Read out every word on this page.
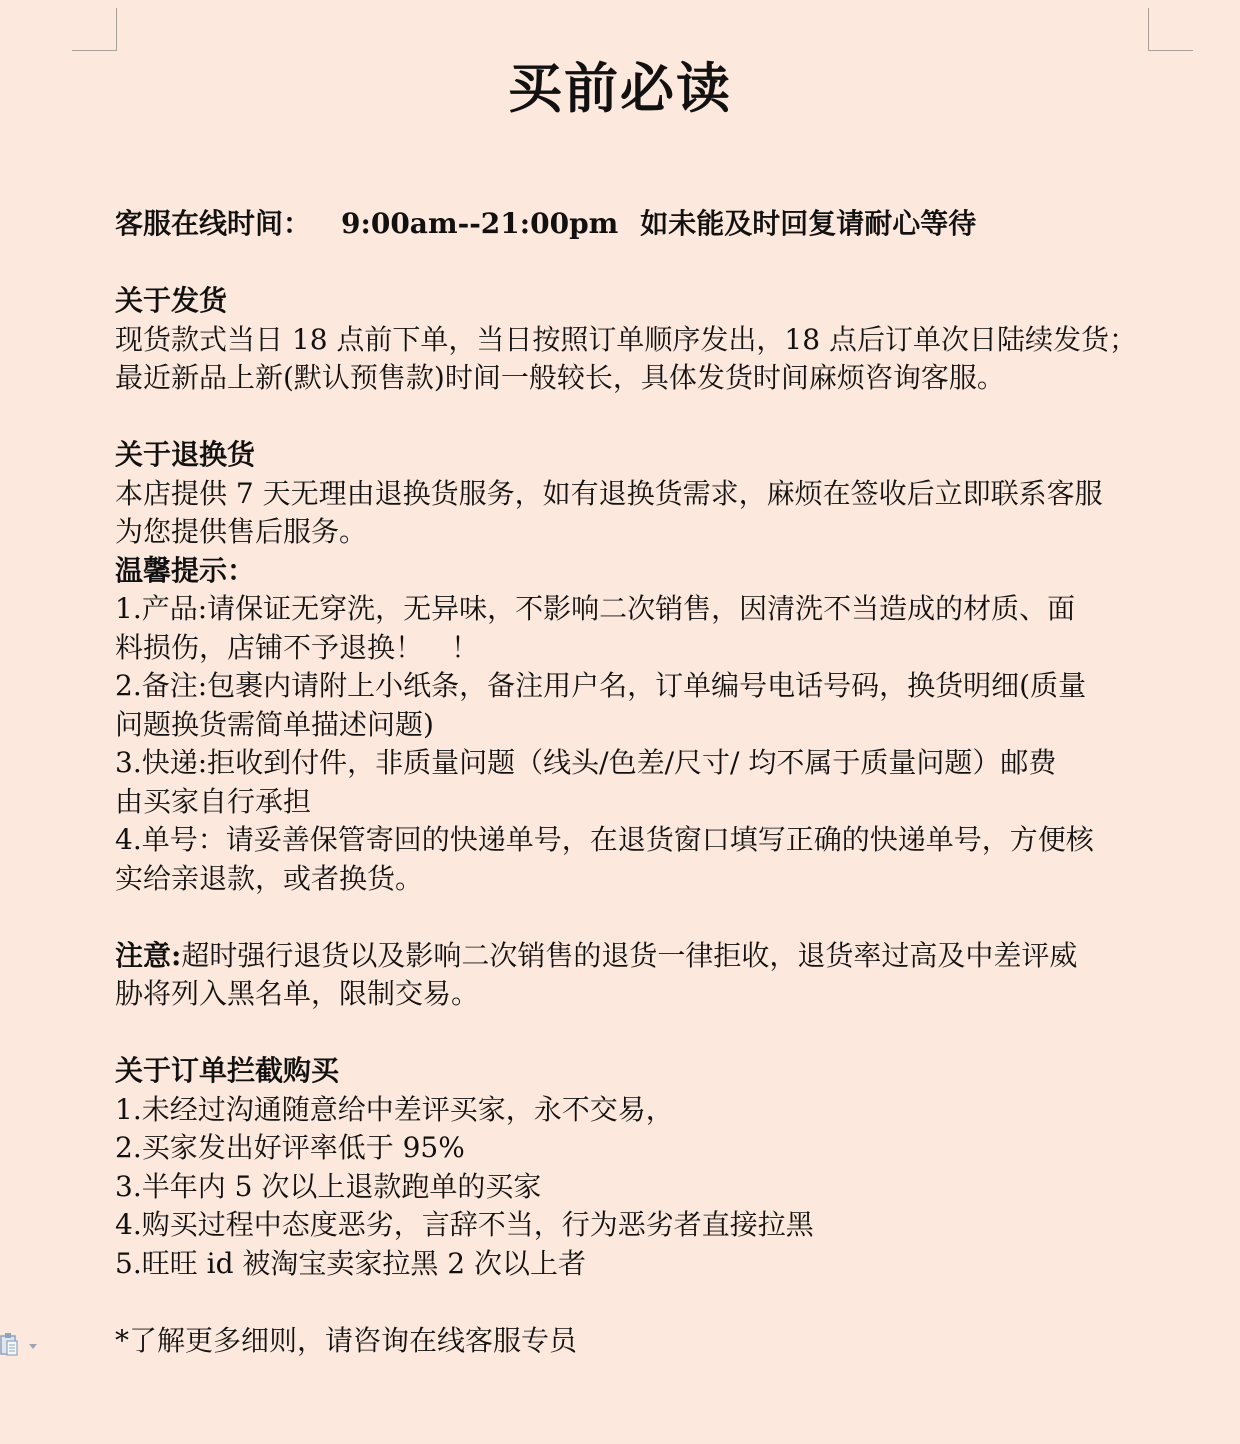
买前必读
客服在线时间： 9:00am--21:00pm 如未能及时回复请耐心等待
关于发货
现货款式当日 18 点前下单，当日按照订单顺序发出，18 点后订单次日陆续发货；
最近新品上新(默认预售款)时间一般较长，具体发货时间麻烦咨询客服。
关于退换货
本店提供 7 天无理由退换货服务，如有退换货需求，麻烦在签收后立即联系客服
为您提供售后服务。
温馨提示：
1.产品:请保证无穿洗，无异味，不影响二次销售，因清洗不当造成的材质、面
料损伤，店铺不予退换！　！
2.备注:包裹内请附上小纸条，备注用户名，订单编号电话号码，换货明细(质量
问题换货需简单描述问题)
3.快递:拒收到付件，非质量问题（线头/色差/尺寸/ 均不属于质量问题）邮费
由买家自行承担
4.单号：请妥善保管寄回的快递单号，在退货窗口填写正确的快递单号，方便核
实给亲退款，或者换货。
注意:超时强行退货以及影响二次销售的退货一律拒收，退货率过高及中差评威
胁将列入黑名单，限制交易。
关于订单拦截购买
1.未经过沟通随意给中差评买家，永不交易，
2.买家发出好评率低于 95%
3.半年内 5 次以上退款跑单的买家
4.购买过程中态度恶劣，言辞不当，行为恶劣者直接拉黑
5.旺旺 id 被淘宝卖家拉黑 2 次以上者
*了解更多细则，请咨询在线客服专员
